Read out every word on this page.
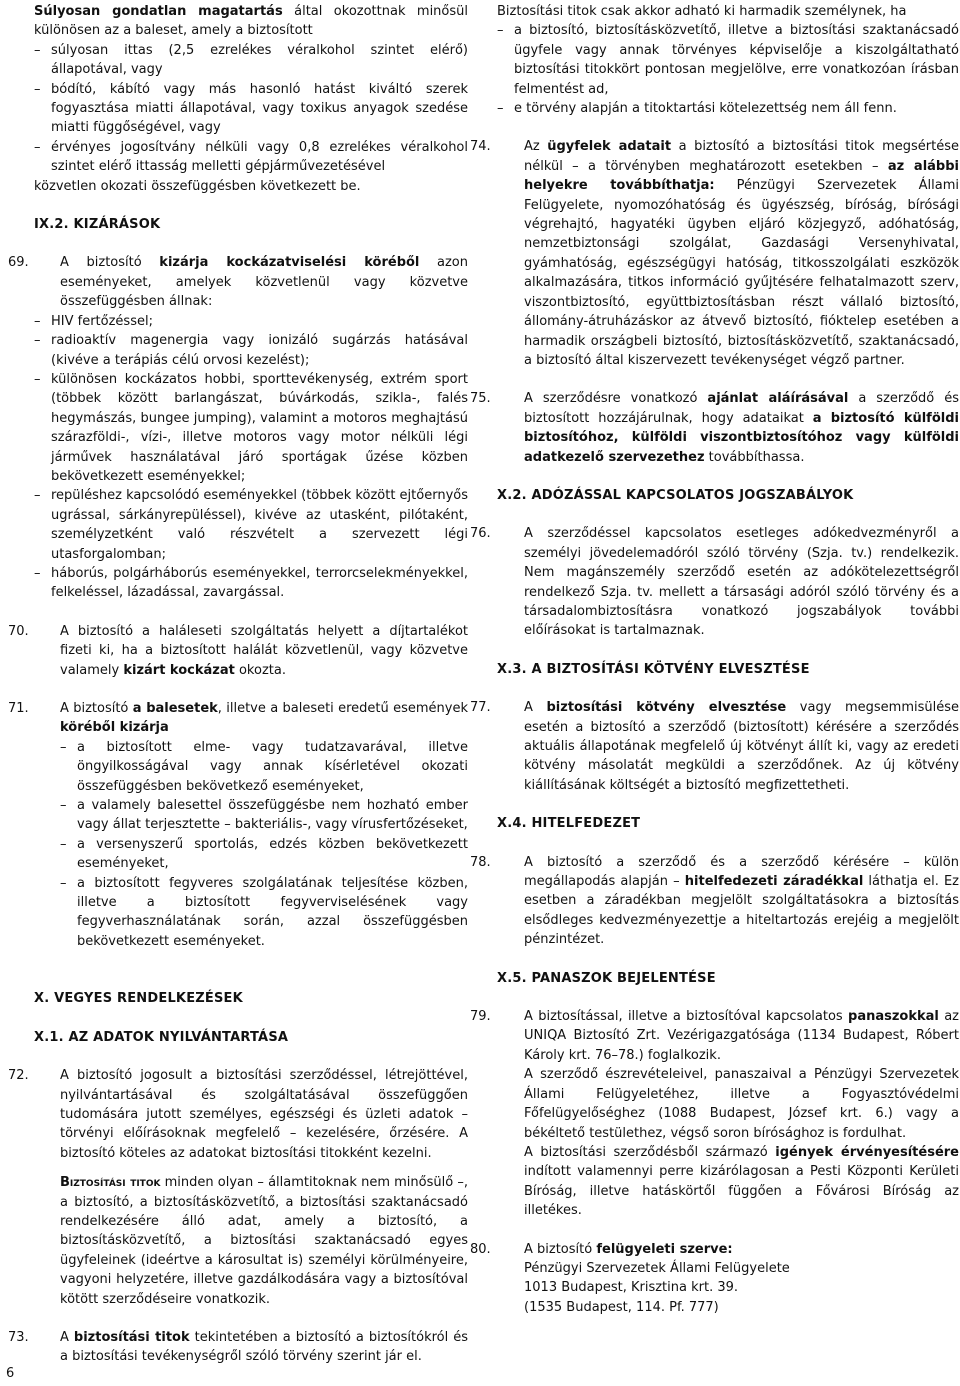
Súlyosan gondatlan magatartás által okozottnak minősül különösen az a baleset, amely a biztosított

– súlyosan ittas (2,5 ezrelékes véralkohol szintet elérő) állapotával, vagy

– bódító, kábító vagy más hasonló hatást kiváltó szerek fogyasztása miatti állapotával, vagy toxikus anyagok szedése miatti függőségével, vagy

– érvényes jogosítvány nélküli vagy 0,8 ezrelékes véralkohol szintet elérő ittasság melletti gépjárművezetésével

közvetlen okozati összefüggésben következett be.

IX.2. KIZÁRÁSOK

69. A biztosító kizárja kockázatviselési köréből azon eseményeket, amelyek közvetlenül vagy közvetve összefüggésben állnak:

– HIV fertőzéssel;

– radioaktív magenergia vagy ionizáló sugárzás hatásával (kivéve a terápiás célú orvosi kezelést);

– különösen kockázatos hobbi, sporttevékenység, extrém sport (többek között barlangászat, búvárkodás, szikla-, falés hegymászás, bungee jumping), valamint a motoros meghajtású szárazföldi-, vízi-, illetve motoros vagy motor nélküli légi járművek használatával járó sportágak űzése közben bekövetkezett eseményekkel;

– repüléshez kapcsolódó eseményekkel (többek között ejtőernyős ugrással, sárkányrepüléssel), kivéve az utasként, pilótaként, személyzetként való részvételt a szervezett légi utasforgalomban;

– háborús, polgárháborús eseményekkel, terrorcselekményekkel, felkeléssel, lázadással, zavargással.

70. A biztosító a haláleseti szolgáltatás helyett a díjtartalékot fizeti ki, ha a biztosított halálát közvetlenül, vagy közvetve valamely kizárt kockázat okozta.

71. A biztosító a balesetek, illetve a baleseti eredetű események köréből kizárja

– a biztosított elme- vagy tudatzavarával, illetve öngyilkosságával vagy annak kísérletével okozati összefüggésben bekövetkező eseményeket,

– a valamely balesettel összefüggésbe nem hozható ember vagy állat terjesztette – bakteriális-, vagy vírusfertőzéseket,

– a versenyszerű sportolás, edzés közben bekövetkezett eseményeket,

– a biztosított fegyveres szolgálatának teljesítése közben, illetve a biztosított fegyverviselésének vagy fegyverhasználatának során, azzal összefüggésben bekövetkezett eseményeket.

X. VEGYES RENDELKEZÉSEK

X.1. AZ ADATOK NYILVÁNTARTÁSA

72. A biztosító jogosult a biztosítási szerződéssel, létrejöttével, nyilvántartásával és szolgáltatásával összefüggően tudomására jutott személyes, egészségi és üzleti adatok – törvényi előírásoknak megfelelő – kezelésére, őrzésére. A biztosító köteles az adatokat biztosítási titokként kezelni.

Biztosítási titok minden olyan – államtitoknak nem minősülő –, a biztosító, a biztosításközvetítő, a biztosítási szaktanácsadó rendelkezésére álló adat, amely a biztosító, a biztosításközvetítő, a biztosítási szaktanácsadó egyes ügyfeleinek (ideértve a károsultat is) személyi körülményeire, vagyoni helyzetére, illetve gazdálkodására vagy a biztosítóval kötött szerződéseire vonatkozik.

73. A biztosítási titok tekintetében a biztosító a biztosítókról és a biztosítási tevékenységről szóló törvény szerint jár el.

Biztosítási titok csak akkor adható ki harmadik személynek, ha

– a biztosító, biztosításközvetítő, illetve a biztosítási szaktanácsadó ügyfele vagy annak törvényes képviselője a kiszolgáltatható biztosítási titokkört pontosan megjelölve, erre vonatkozóan írásban felmentést ad,

– e törvény alapján a titoktartási kötelezettség nem áll fenn.

74.	Az ügyfelek adatait a biztosító a biztosítási titok megsértése nélkül – a törvényben meghatározott esetekben – az alábbi helyekre továbbíthatja: Pénzügyi Szervezetek Állami Felügyelete, nyomozóhatóság és ügyészség, bíróság, bírósági végrehajtó, hagyatéki ügyben eljáró közjegyző, adóhatóság, nemzetbiztonsági szolgálat, Gazdasági Versenyhivatal, gyámhatóság, egészségügyi hatóság, titkosszolgálati eszközök alkalmazására, titkos információ gyűjtésére felhatalmazott szerv, viszontbiztosító, együttbiztosításban részt vállaló biztosító, állomány-átruházáskor az átvevő biztosító, fióktelep esetében a harmadik országbeli biztosító, biztosításközvetítő, szaktanácsadó, a biztosító által kiszervezett tevékenységet végző partner.

75.	A szerződésre vonatkozó ajánlat aláírásával a szerződő és biztosított hozzájárulnak, hogy adataikat a biztosító külföldi biztosítóhoz, külföldi viszontbiztosítóhoz vagy külföldi adatkezelő szervezethez továbbíthassa.

X.2. ADÓZÁSSAL KAPCSOLATOS JOGSZABÁLYOK

76.	A szerződéssel kapcsolatos esetleges adókedvezményről a személyi jövedelemadóról szóló törvény (Szja. tv.) rendelkezik. Nem magánszemély szerződő esetén az adókötelezettségről rendelkező Szja. tv. mellett a társasági adóról szóló törvény és a társadalombiztosításra vonatkozó jogszabályok további előírásokat is tartalmaznak.

X.3. A BIZTOSÍTÁSI KÖTVÉNY ELVESZTÉSE

77.	A biztosítási kötvény elvesztése vagy megsemmisülése esetén a biztosító a szerződő (biztosított) kérésére a szerződés aktuális állapotának megfelelő új kötvényt állít ki, vagy az eredeti kötvény másolatát megküldi a szerződőnek. Az új kötvény kiállításának költségét a biztosító megfizettetheti.

X.4. HITELFEDEZET

78.	A biztosító a szerződő és a szerződő kérésére – külön megállapodás alapján – hitelfedezeti záradékkal láthatja el. Ez esetben a záradékban megjelölt szolgáltatásokra a biztosítás elsődleges kedvezményezettje a hiteltartozás erejéig a megjelölt pénzintézet.

X.5. PANASZOK BEJELENTÉSE

79.	A biztosítással, illetve a biztosítóval kapcsolatos panaszokkal az UNIQA Biztosító Zrt. Vezérigazgatósága (1134 Budapest, Róbert Károly krt. 76–78.) foglalkozik.

A szerződő észrevételeivel, panaszaival a Pénzügyi Szervezetek Állami Felügyeletéhez, illetve a Fogyasztóvédelmi Főfelügyelőséghez (1088 Budapest, József krt. 6.) vagy a békéltető testülethez, végső soron bírósághoz is fordulhat.

A biztosítási szerződésből származó igények érvényesítésére indított valamennyi perre kizárólagosan a Pesti Központi Kerületi Bíróság, illetve hatáskörtől függően a Fővárosi Bíróság az illetékes.

80.	A biztosító felügyeleti szerve:

Pénzügyi Szervezetek Állami Felügyelete

1013 Budapest, Krisztina krt. 39.

(1535 Budapest, 114. Pf. 777)

6
